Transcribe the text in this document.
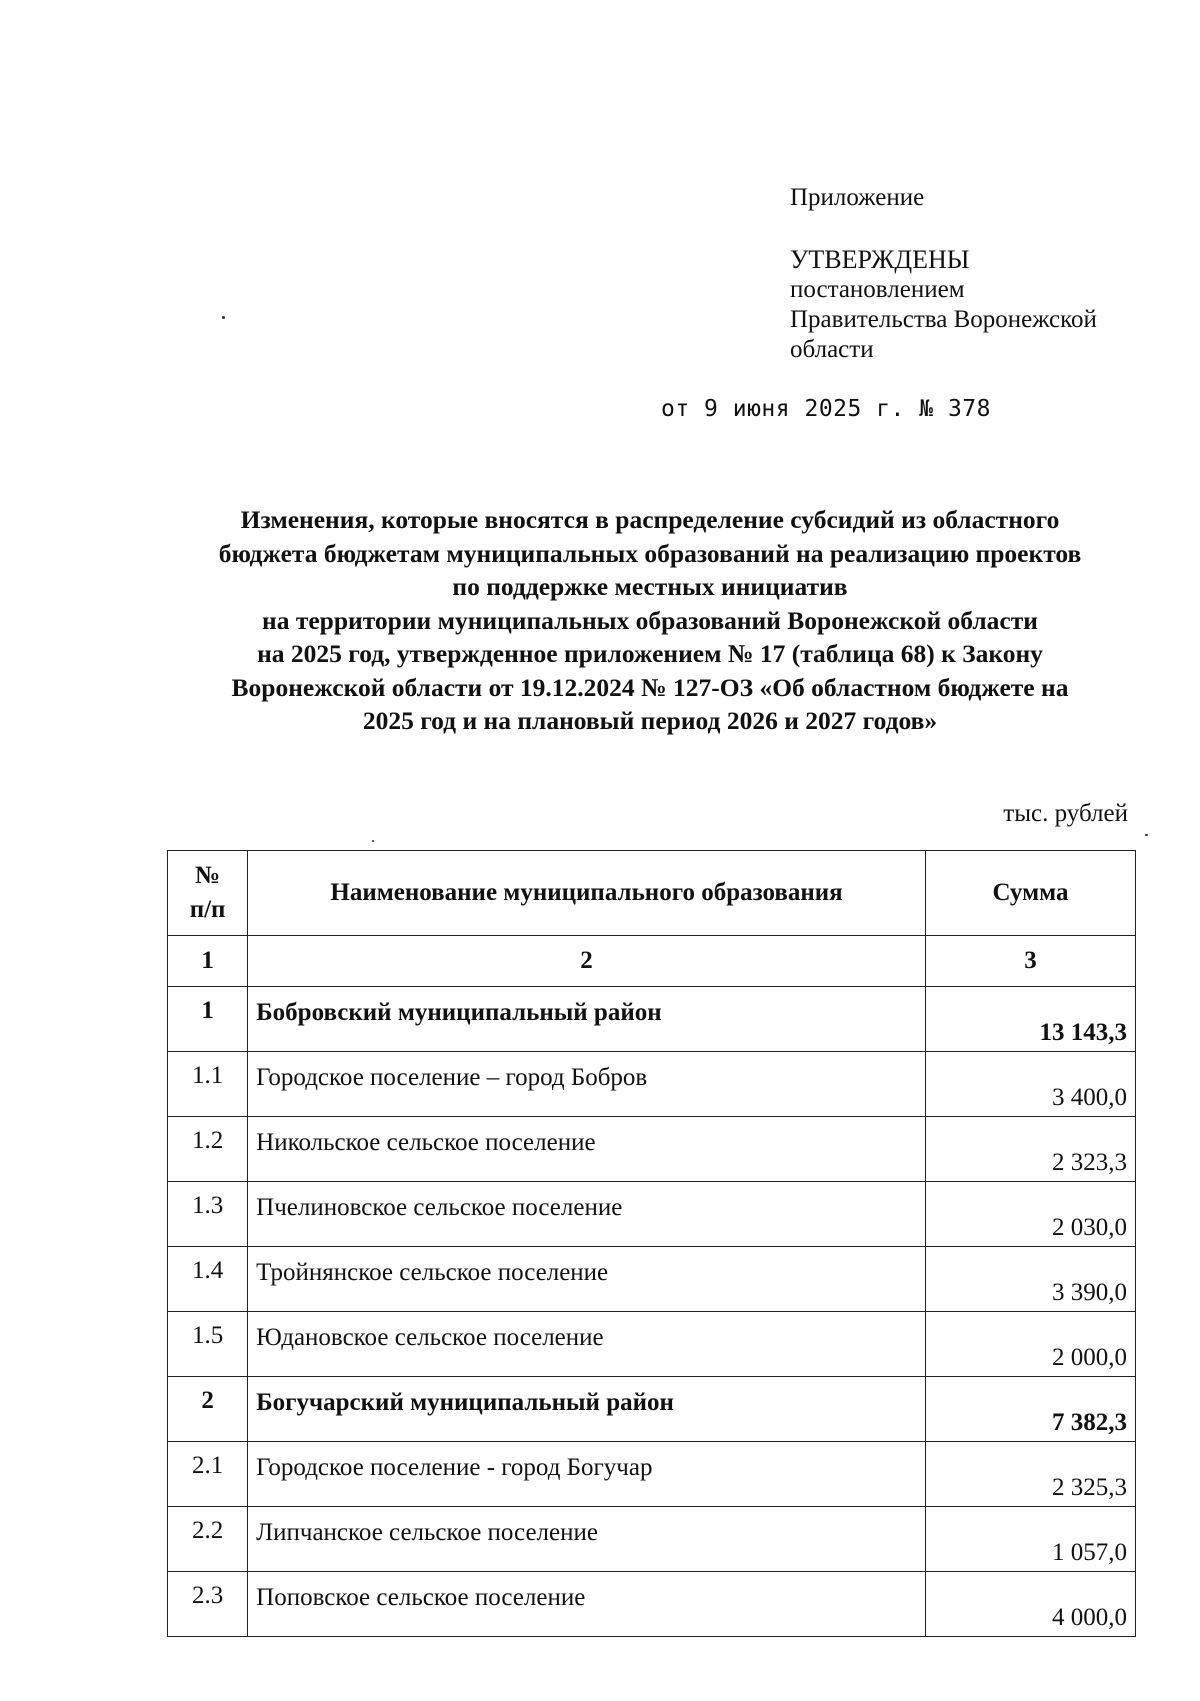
Приложение
УТВЕРЖДЕНЫ
постановлением
Правительства Воронежской
области
от 9 июня 2025 г. № 378
Изменения, которые вносятся в распределение субсидий из областного
бюджета бюджетам муниципальных образований на реализацию проектов
по поддержке местных инициатив
на территории муниципальных образований Воронежской области
на 2025 год, утвержденное приложением № 17 (таблица 68) к Закону
Воронежской области от 19.12.2024 № 127-ОЗ «Об областном бюджете на
2025 год и на плановый период 2026 и 2027 годов»
тыс. рублей
№
п/п	Наименование муниципального образования	Сумма
1	2	3
1	Бобровский муниципальный район	13 143,3
1.1	Городское поселение – город Бобров	3 400,0
1.2	Никольское сельское поселение	2 323,3
1.3	Пчелиновское сельское поселение	2 030,0
1.4	Тройнянское сельское поселение	3 390,0
1.5	Юдановское сельское поселение	2 000,0
2	Богучарский муниципальный район	7 382,3
2.1	Городское поселение - город Богучар	2 325,3
2.2	Липчанское сельское поселение	1 057,0
2.3	Поповское сельское поселение	4 000,0
